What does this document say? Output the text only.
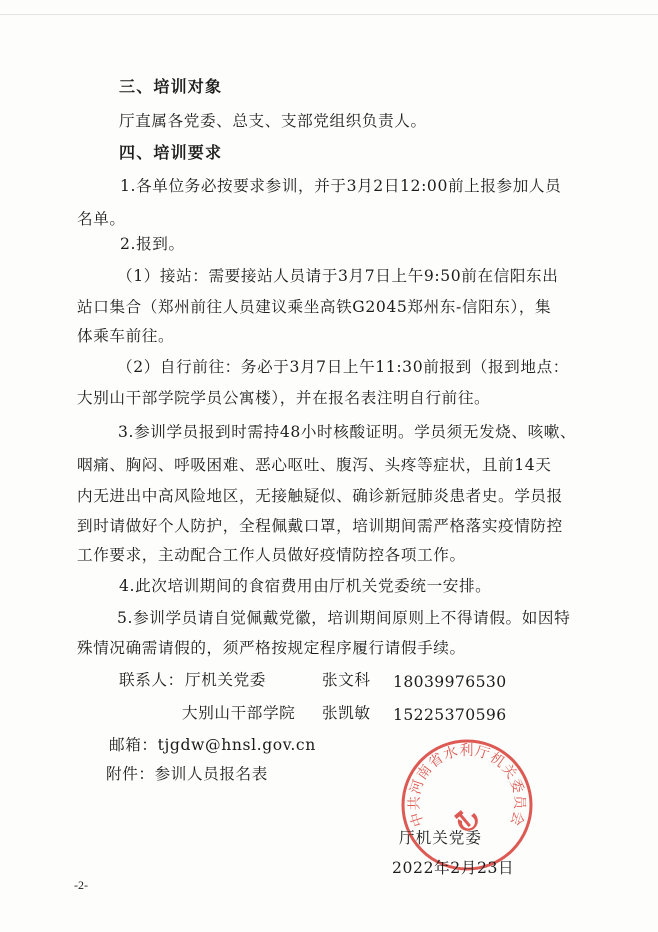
三、培训对象
厅直属各党委、总支、支部党组织负责人。
四、培训要求
1.各单位务必按要求参训，并于3月2日12:00前上报参加人员
名单。
2.报到。
（1）接站：需要接站人员请于3月7日上午9:50前在信阳东出
站口集合（郑州前往人员建议乘坐高铁G2045郑州东-信阳东），集
体乘车前往。
（2）自行前往：务必于3月7日上午11:30前报到（报到地点：
大别山干部学院学员公寓楼），并在报名表注明自行前往。
3.参训学员报到时需持48小时核酸证明。学员须无发烧、咳嗽、
咽痛、胸闷、呼吸困难、恶心呕吐、腹泻、头疼等症状，且前14天
内无进出中高风险地区，无接触疑似、确诊新冠肺炎患者史。学员报
到时请做好个人防护，全程佩戴口罩，培训期间需严格落实疫情防控
工作要求，主动配合工作人员做好疫情防控各项工作。
4.此次培训期间的食宿费用由厅机关党委统一安排。
5.参训学员请自觉佩戴党徽，培训期间原则上不得请假。如因特
殊情况确需请假的，须严格按规定程序履行请假手续。
联系人： 厅机关党委	张文科 18039976530
大别山干部学院 张凯敏 15225370596
邮箱：tjgdw@hnsl.gov.cn
附件：参训人员报名表
中共河南省水利厅机关委员会
厅机关党委
2022年2月23日
-2-
